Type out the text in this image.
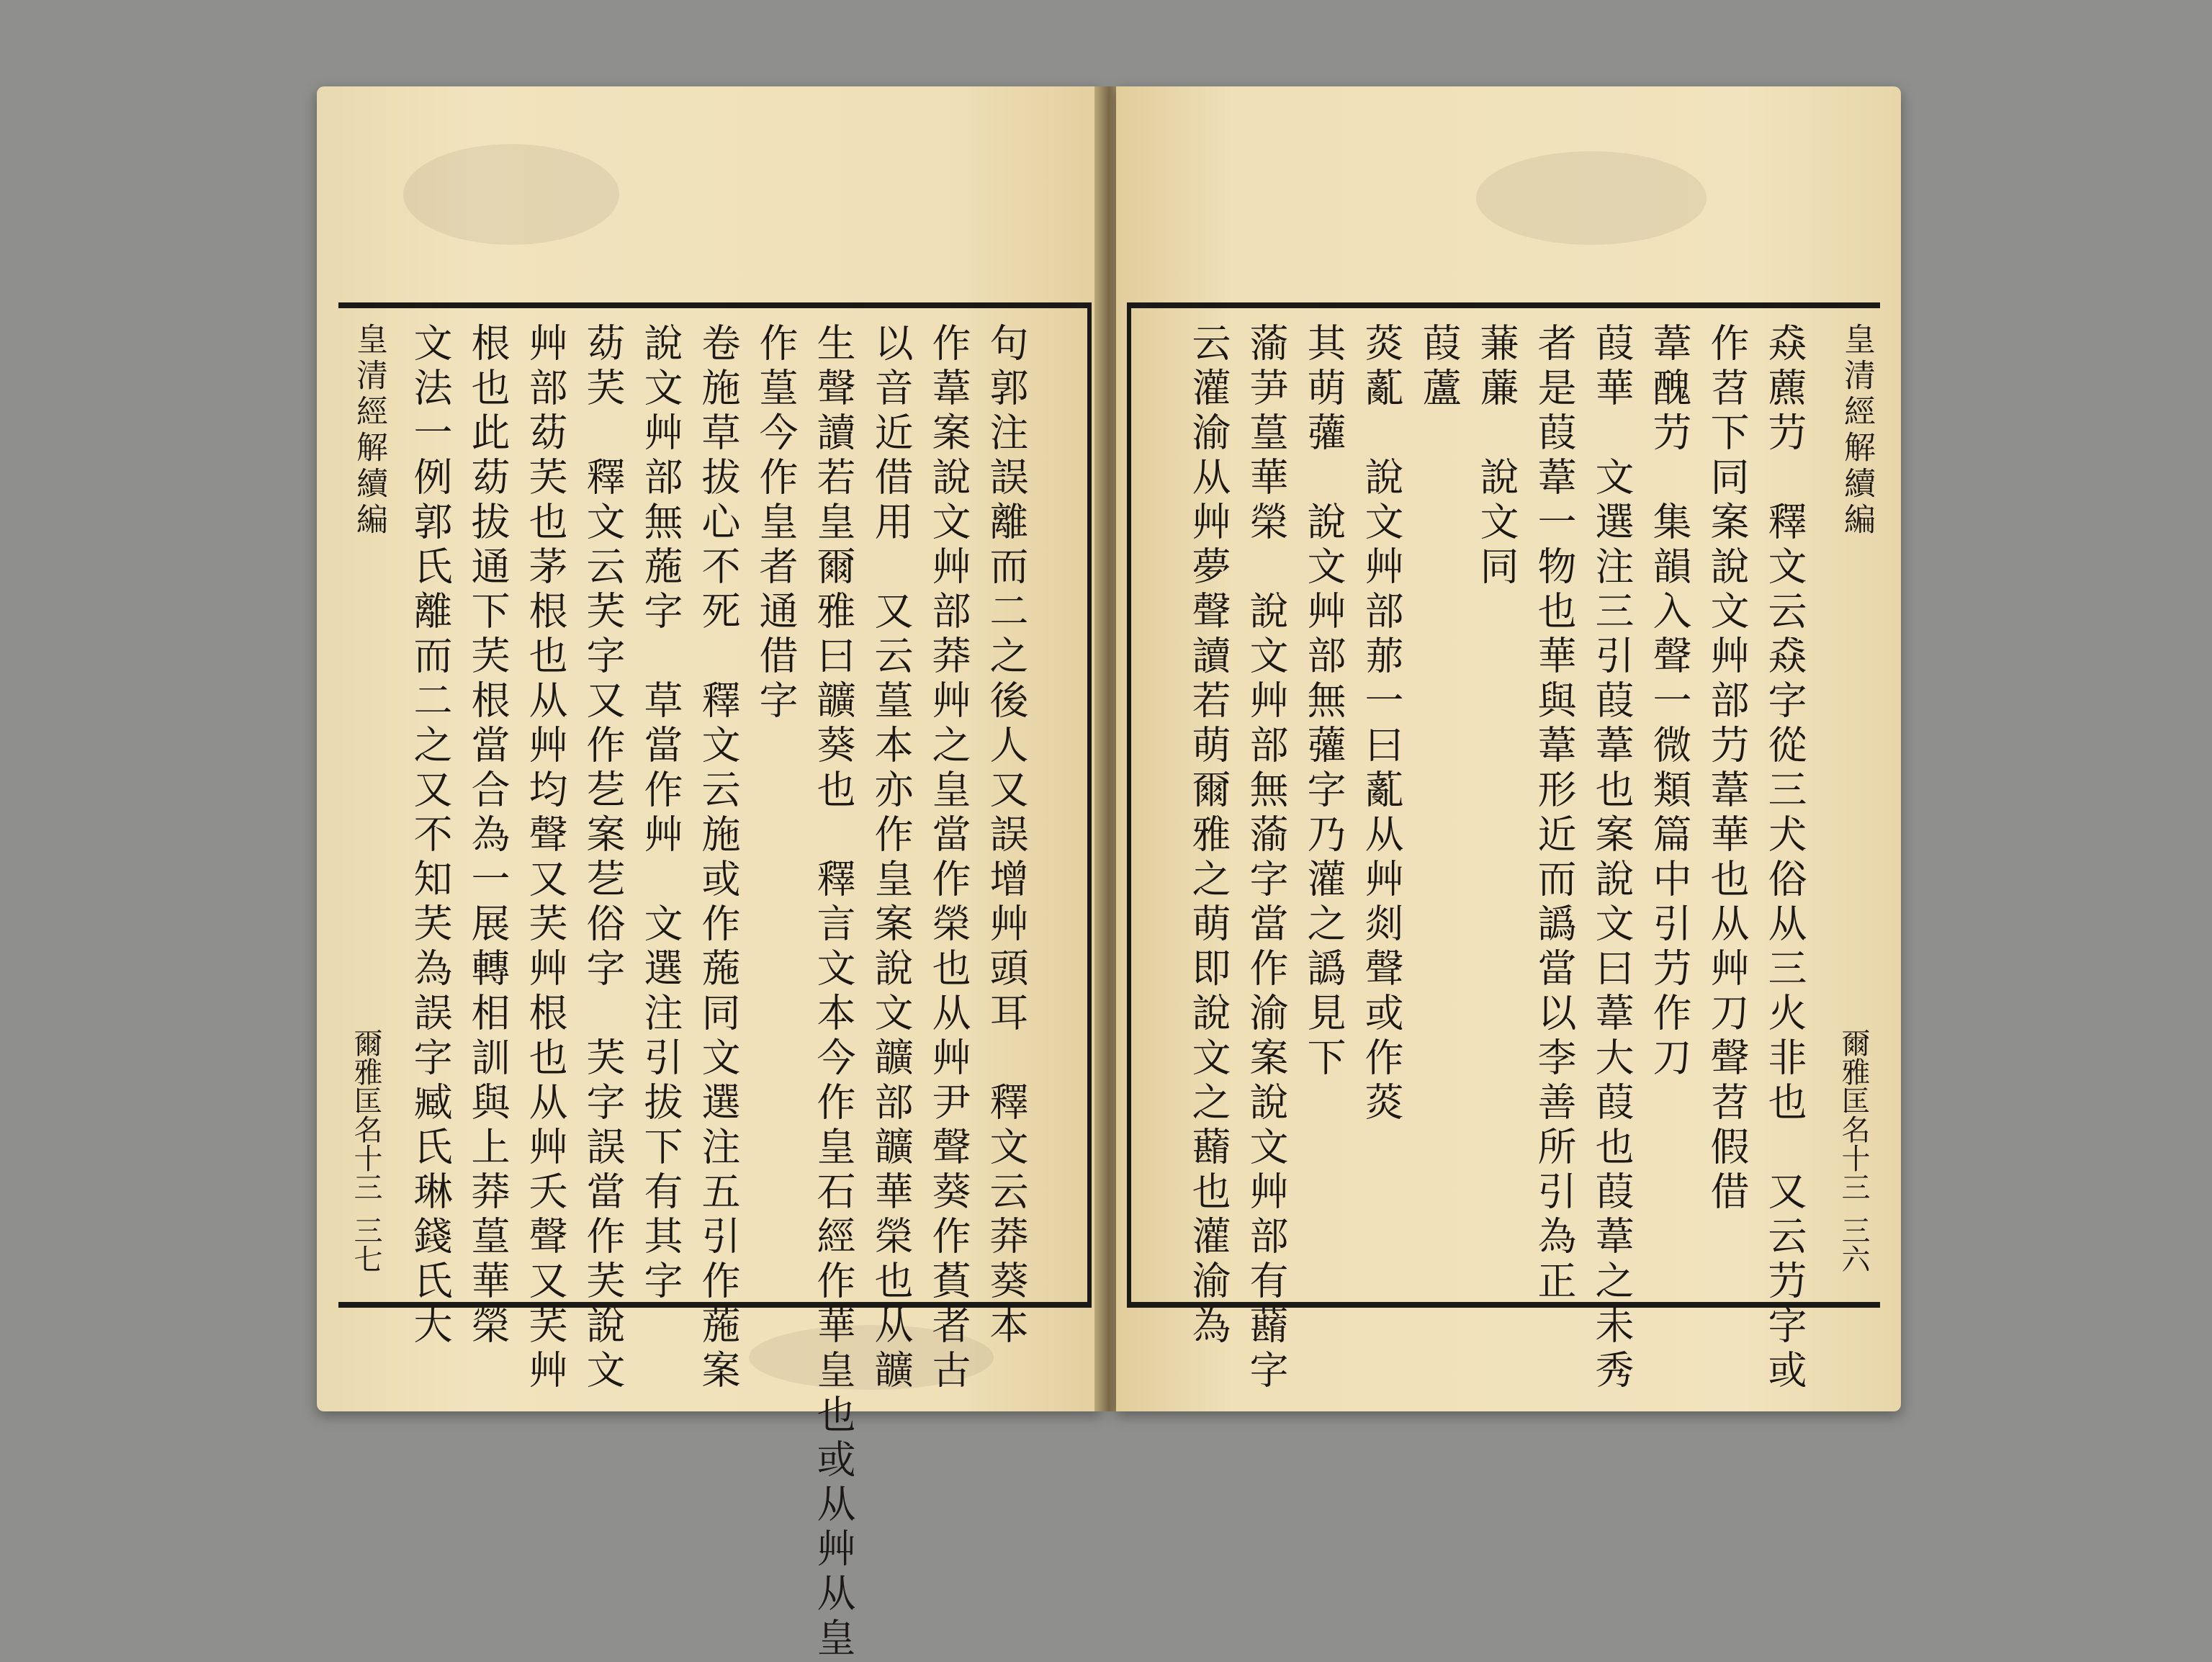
句郭注誤離而二之後人又誤增艸頭耳　釋文云莽葵本
作葦案說文艸部莽艸之皇當作榮也从艸尹聲葵作萯者古
以音近借用　又云葟本亦作皇案說文𩑈部𩑈華榮也从𩑈
生聲讀若皇爾雅曰𩑈葵也　釋言文本今作皇石經作華皇也或从艸从皇
作葟今作皇者通借字
卷施草拔心不死　釋文云施或作葹同文選注五引作葹案
說文艸部無葹字　草當作艸　文選注引拔下有其字
苭芺　釋文云芺字又作䒗案䒗俗字　芺字誤當作芺說文
艸部苭芺也茅根也从艸均聲又芺艸根也从艸夭聲又芺艸
根也此苭拔通下芺根當合為一展轉相訓與上莽葟華榮
文法一例郭氏離而二之又不知芺為誤字臧氏琳錢氏大
皇清經解續編
爾雅匡名十三
三七
皇清經解續編
爾雅匡名十三
三六
猋藨芀　釋文云猋字從三犬俗从三火非也　又云芀字或
作苕下同案說文艸部芀葦華也从艸刀聲苕假借
葦醜芀　集韻入聲一微類篇中引芀作刀
葭華　文選注三引葭葦也案說文曰葦大葭也葭葦之未秀
者是葭葦一物也華與葦形近而譌當以李善所引為正
蒹薕　說文同
葭蘆
菼薍　說文艸部𦰡一曰薍从艸剡聲或作菼
其萌虇　說文艸部無虇字乃灌之譌見下
蕍芛葟華榮　說文艸部無蕍字當作渝案說文艸部有蘛字
云灌渝从艸夢聲讀若萌爾雅之萌即說文之蘛也灌渝為
